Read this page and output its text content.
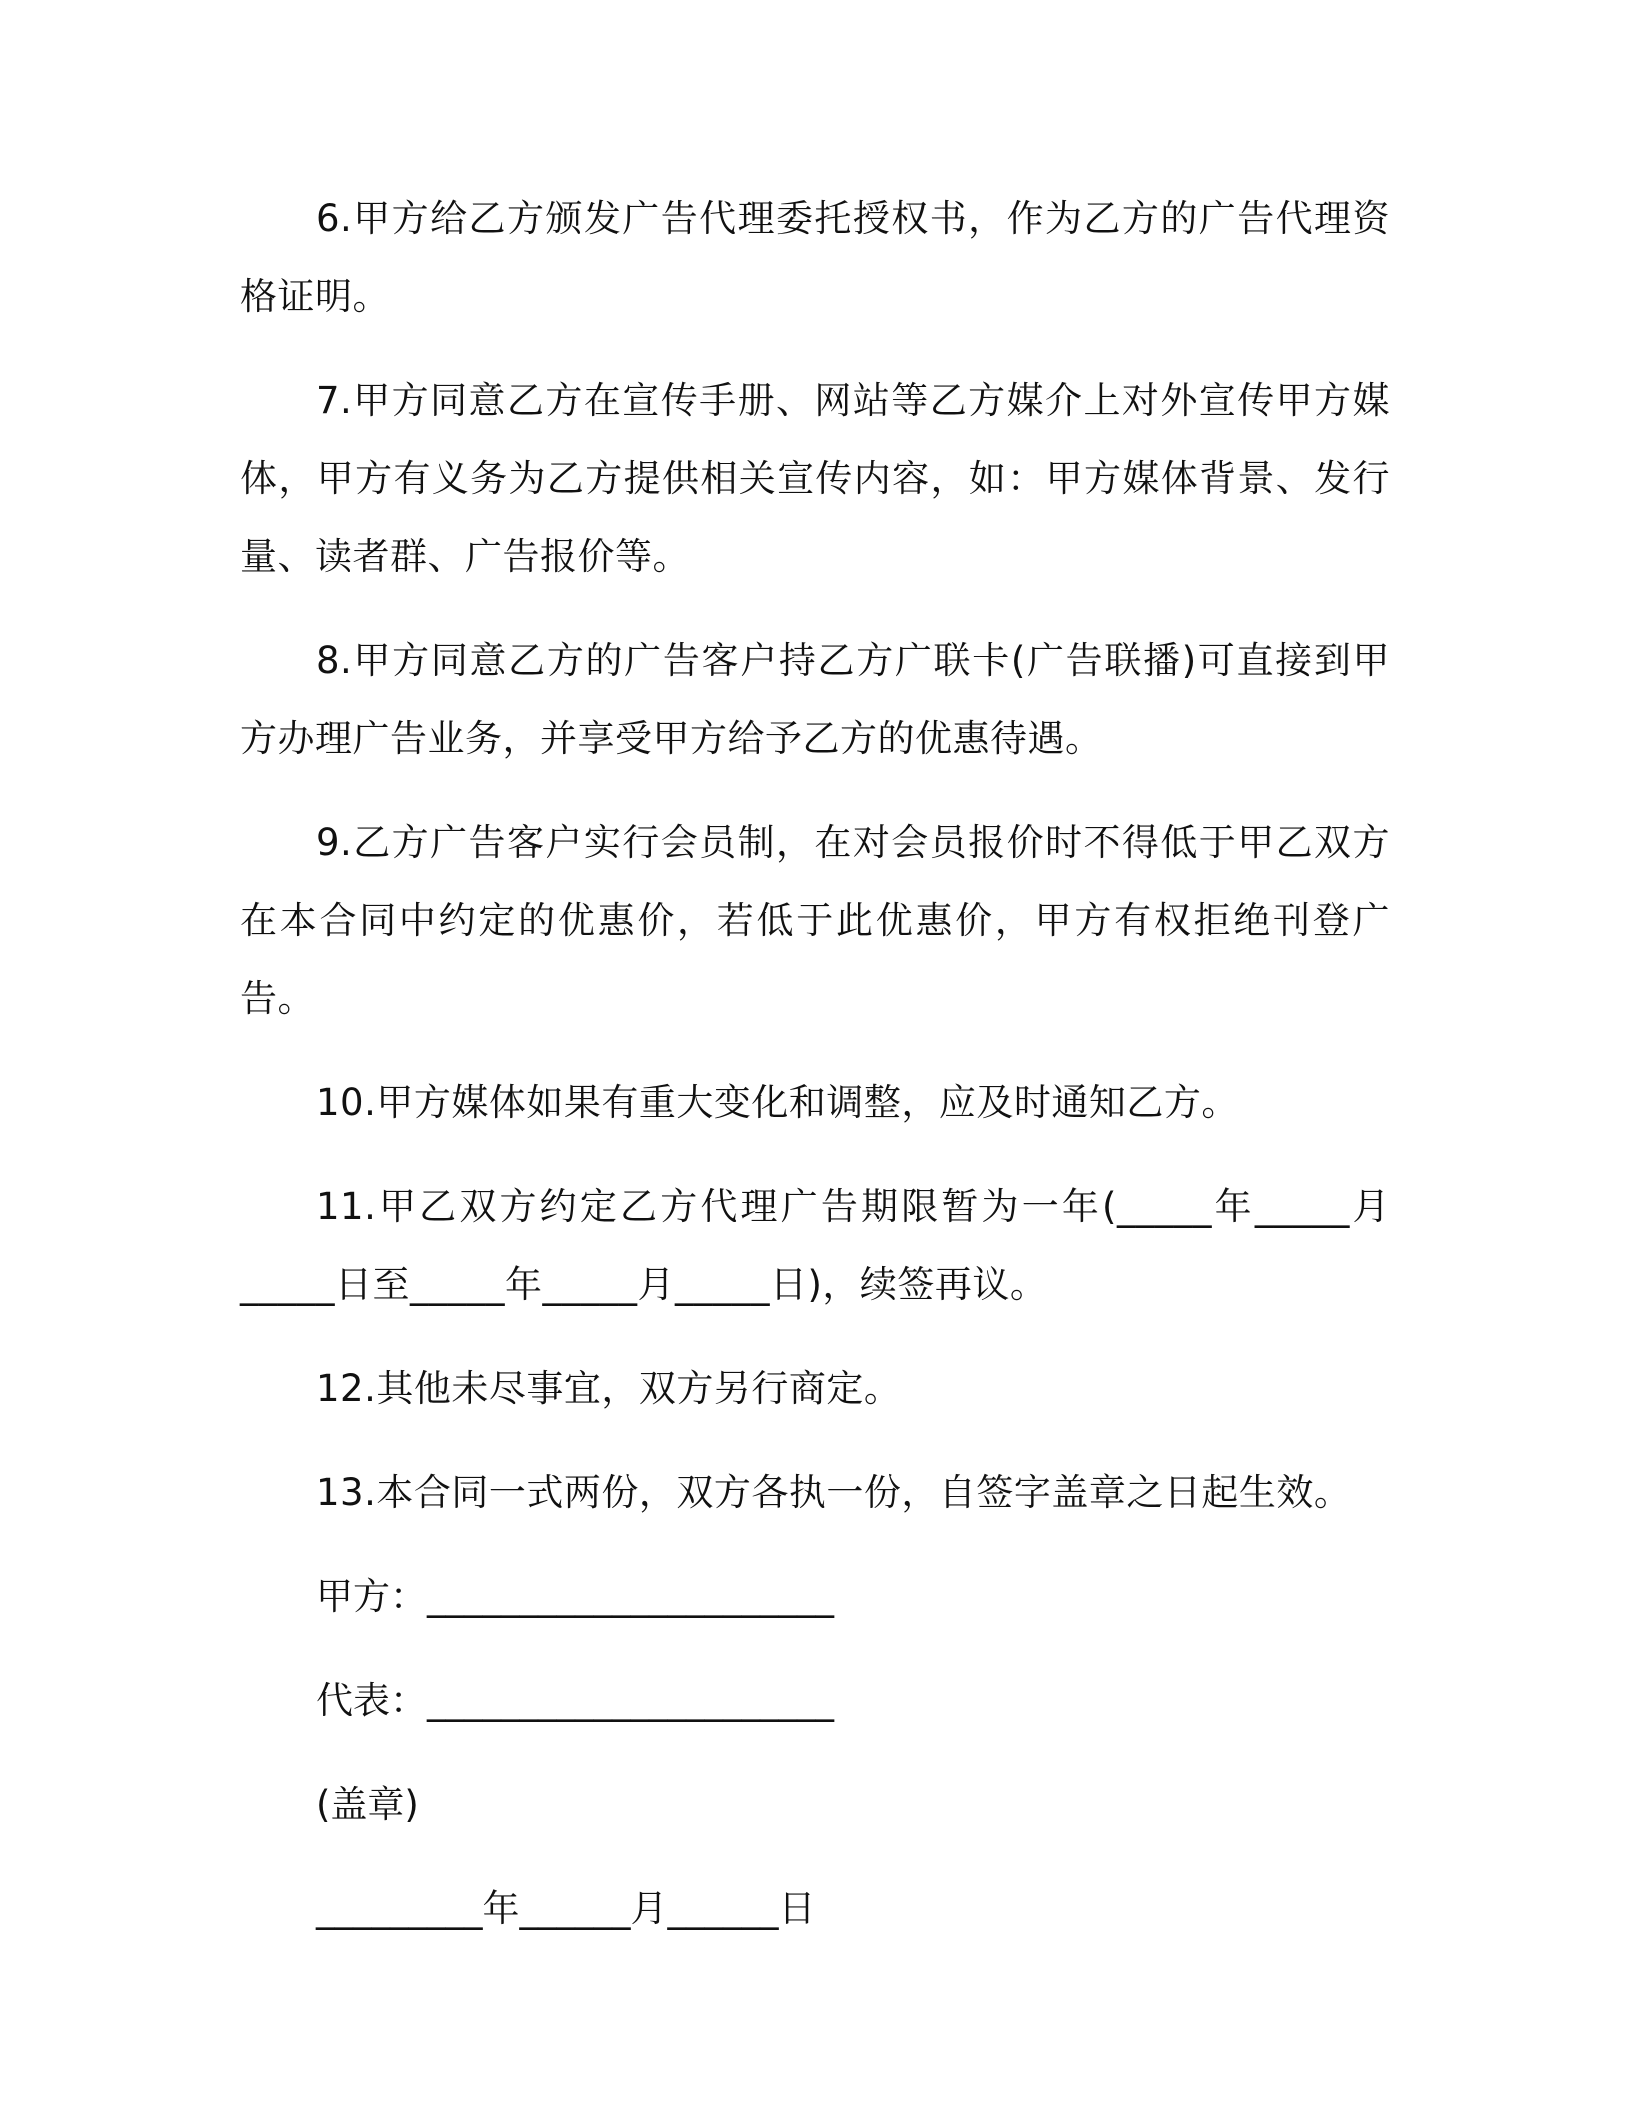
6.甲方给乙方颁发广告代理委托授权书，作为乙方的广告代理资格证明。

7.甲方同意乙方在宣传手册、网站等乙方媒介上对外宣传甲方媒体，甲方有义务为乙方提供相关宣传内容，如：甲方媒体背景、发行量、读者群、广告报价等。

8.甲方同意乙方的广告客户持乙方广联卡(广告联播)可直接到甲方办理广告业务，并享受甲方给予乙方的优惠待遇。

9.乙方广告客户实行会员制，在对会员报价时不得低于甲乙双方在本合同中约定的优惠价，若低于此优惠价，甲方有权拒绝刊登广告。

10.甲方媒体如果有重大变化和调整，应及时通知乙方。

11.甲乙双方约定乙方代理广告期限暂为一年(_____年_____月_____日至_____年_____月_____日)，续签再议。

12.其他未尽事宜，双方另行商定。

13.本合同一式两份，双方各执一份，自签字盖章之日起生效。

甲方：______________________
代表：______________________
(盖章)
_________年______月______日
